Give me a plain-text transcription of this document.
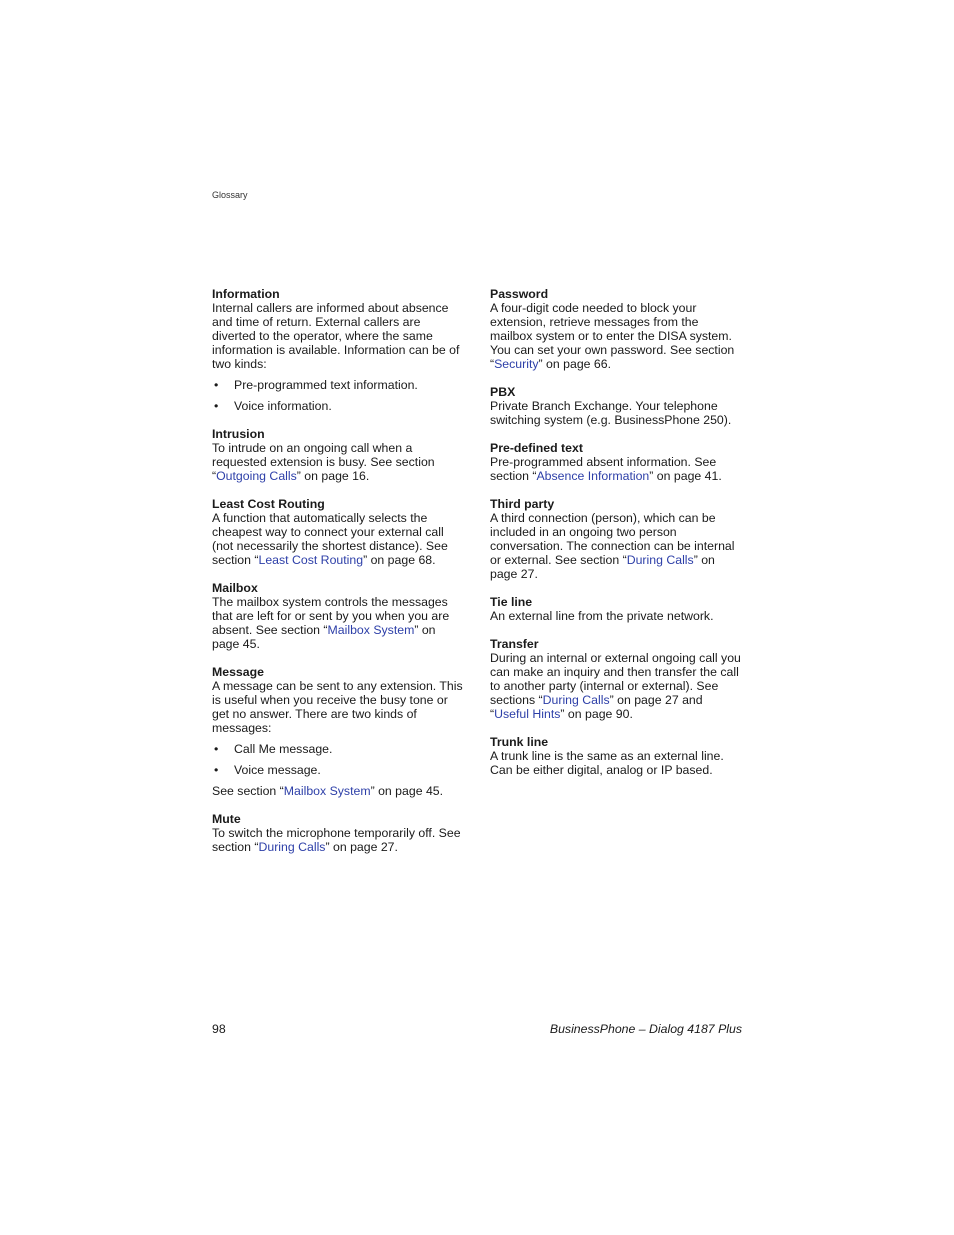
Glossary
Information
Internal callers are informed about absence and time of return. External callers are diverted to the operator, where the same information is available. Information can be of two kinds:
• Pre-programmed text information.
• Voice information.
Intrusion
To intrude on an ongoing call when a requested extension is busy. See section “Outgoing Calls” on page 16.
Least Cost Routing
A function that automatically selects the cheapest way to connect your external call (not necessarily the shortest distance). See section “Least Cost Routing” on page 68.
Mailbox
The mailbox system controls the messages that are left for or sent by you when you are absent. See section “Mailbox System” on page 45.
Message
A message can be sent to any extension. This is useful when you receive the busy tone or get no answer. There are two kinds of messages:
• Call Me message.
• Voice message.
See section “Mailbox System” on page 45.
Mute
To switch the microphone temporarily off. See section “During Calls” on page 27.
Password
A four-digit code needed to block your extension, retrieve messages from the mailbox system or to enter the DISA system. You can set your own password. See section “Security” on page 66.
PBX
Private Branch Exchange. Your telephone switching system (e.g. BusinessPhone 250).
Pre-defined text
Pre-programmed absent information. See section “Absence Information” on page 41.
Third party
A third connection (person), which can be included in an ongoing two person conversation. The connection can be internal or external. See section “During Calls” on page 27.
Tie line
An external line from the private network.
Transfer
During an internal or external ongoing call you can make an inquiry and then transfer the call to another party (internal or external). See sections “During Calls” on page 27 and “Useful Hints” on page 90.
Trunk line
A trunk line is the same as an external line. Can be either digital, analog or IP based.
98	BusinessPhone – Dialog 4187 Plus
